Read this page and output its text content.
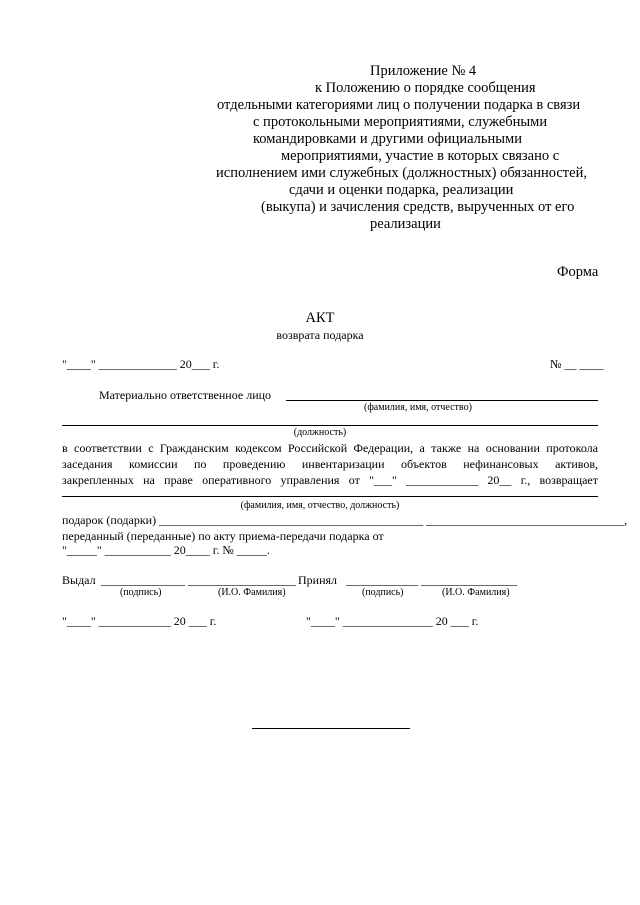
Приложение № 4
к Положению о порядке сообщения
отдельными категориями лиц о получении подарка в связи
с протокольными мероприятиями, служебными
командировками и другими официальными
мероприятиями, участие в которых связано с
исполнением ими служебных (должностных) обязанностей,
сдачи и оценки подарка, реализации
(выкупа) и зачисления средств, вырученных от его
реализации
Форма
АКТ
возврата подарка
"____" _____________ 20___ г.	№ __ ____
Материально ответственное лицо
(фамилия, имя, отчество)
(должность)
в соответствии с Гражданским кодексом Российской Федерации, а также на основании протокола
заседания комиссии по проведению инвентаризации объектов нефинансовых активов,
закрепленных на праве оперативного управления от "___" ____________ 20__ г., возвращает
(фамилия, имя, отчество, должность)
подарок (подарки) ____________________________________________ _________________________________,
переданный (переданные) по акту приема-передачи подарка от
"_____" ___________ 20____ г. № _____.
Выдал ______________ __________________ Принял ____________ ________________
(подпись)	(И.О. Фамилия)	(подпись)	(И.О. Фамилия)
"____" ____________ 20 ___ г.	"____" _______________ 20 ___ г.
